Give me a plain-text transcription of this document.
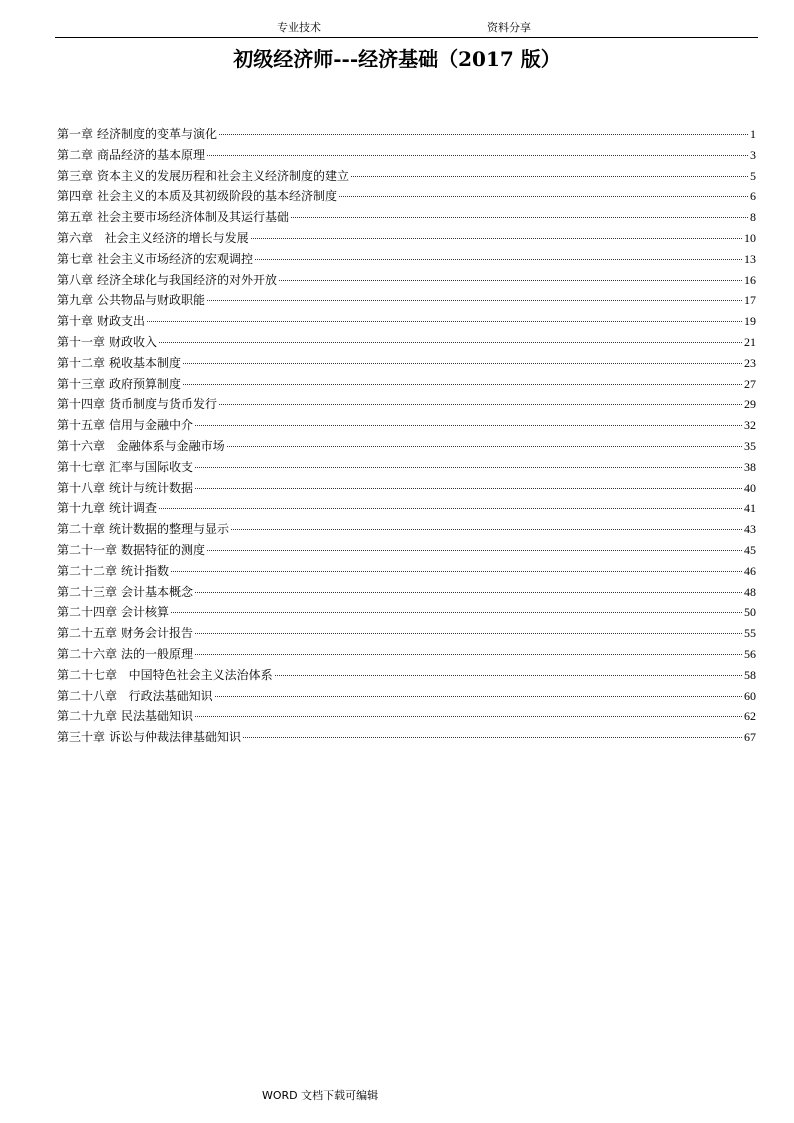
专业技术	资料分享
初级经济师---经济基础（2017 版）
第一章 经济制度的变革与演化	1
第二章 商品经济的基本原理	3
第三章 资本主义的发展历程和社会主义经济制度的建立	5
第四章 社会主义的本质及其初级阶段的基本经济制度	6
第五章 社会主要市场经济体制及其运行基础	8
第六章 社会主义经济的增长与发展	10
第七章 社会主义市场经济的宏观调控	13
第八章 经济全球化与我国经济的对外开放	16
第九章 公共物品与财政职能	17
第十章 财政支出	19
第十一章 财政收入	21
第十二章 税收基本制度	23
第十三章 政府预算制度	27
第十四章 货币制度与货币发行	29
第十五章 信用与金融中介	32
第十六章 金融体系与金融市场	35
第十七章 汇率与国际收支	38
第十八章 统计与统计数据	40
第十九章 统计调查	41
第二十章 统计数据的整理与显示	43
第二十一章 数据特征的测度	45
第二十二章 统计指数	46
第二十三章 会计基本概念	48
第二十四章 会计核算	50
第二十五章 财务会计报告	55
第二十六章 法的一般原理	56
第二十七章 中国特色社会主义法治体系	58
第二十八章 行政法基础知识	60
第二十九章 民法基础知识	62
第三十章 诉讼与仲裁法律基础知识	67
WORD 文档下载可编辑
